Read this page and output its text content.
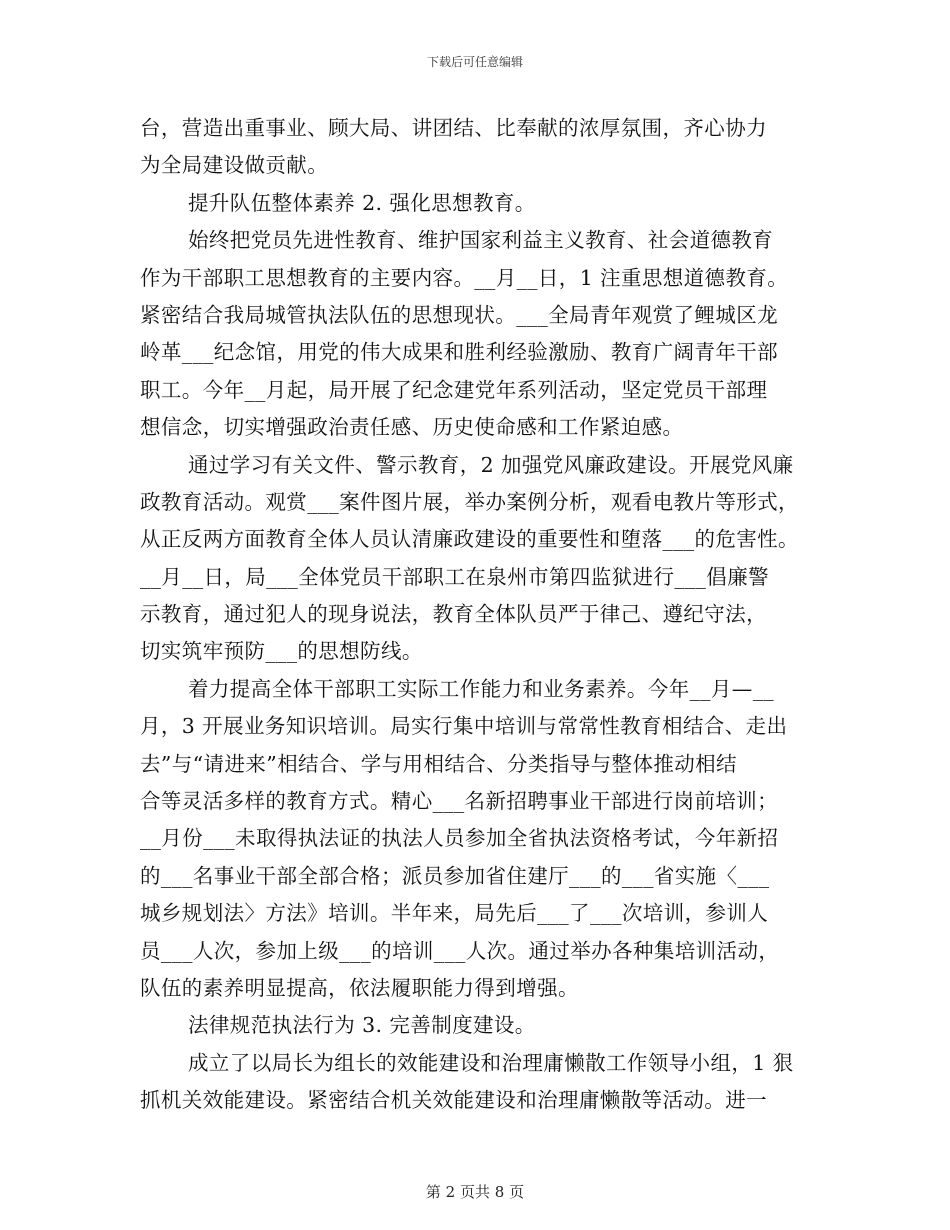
下载后可任意编辑
台，营造出重事业、顾大局、讲团结、比奉献的浓厚氛围，齐心协力
为全局建设做贡献。
提升队伍整体素养 2. 强化思想教育。
始终把党员先进性教育、维护国家利益主义教育、社会道德教育
作为干部职工思想教育的主要内容。__月__日，1 注重思想道德教育。
紧密结合我局城管执法队伍的思想现状。___全局青年观赏了鲤城区龙
岭革___纪念馆，用党的伟大成果和胜利经验激励、教育广阔青年干部
职工。今年__月起，局开展了纪念建党年系列活动，坚定党员干部理
想信念，切实增强政治责任感、历史使命感和工作紧迫感。
通过学习有关文件、警示教育，2 加强党风廉政建设。开展党风廉
政教育活动。观赏___案件图片展，举办案例分析，观看电教片等形式，
从正反两方面教育全体人员认清廉政建设的重要性和堕落___的危害性。
__月__日，局___全体党员干部职工在泉州市第四监狱进行___倡廉警
示教育，通过犯人的现身说法，教育全体队员严于律己、遵纪守法，
切实筑牢预防___的思想防线。
着力提高全体干部职工实际工作能力和业务素养。今年__月—__
月，3 开展业务知识培训。局实行集中培训与常常性教育相结合、走出
去”与“请进来”相结合、学与用相结合、分类指导与整体推动相结
合等灵活多样的教育方式。精心___名新招聘事业干部进行岗前培训；
__月份___未取得执法证的执法人员参加全省执法资格考试，今年新招
的___名事业干部全部合格；派员参加省住建厅___的___省实施〈___
城乡规划法〉方法》培训。半年来，局先后___了___次培训，参训人
员___人次，参加上级___的培训___人次。通过举办各种集培训活动，
队伍的素养明显提高，依法履职能力得到增强。
法律规范执法行为 3. 完善制度建设。
成立了以局长为组长的效能建设和治理庸懒散工作领导小组，1 狠
抓机关效能建设。紧密结合机关效能建设和治理庸懒散等活动。进一
第 2 页共 8 页
